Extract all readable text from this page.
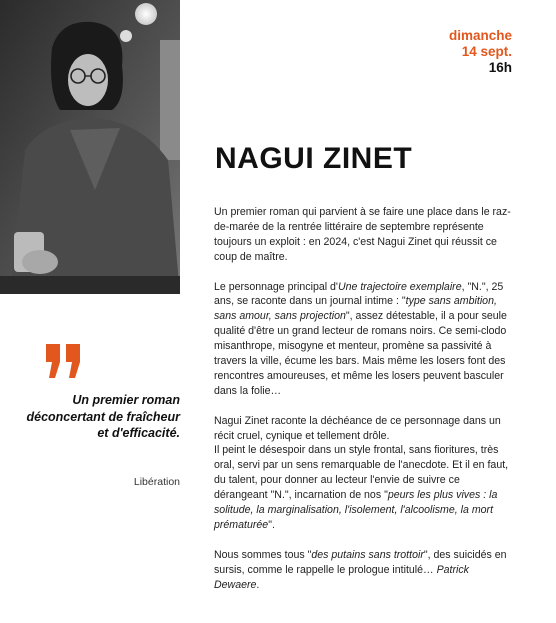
dimanche
14 sept.
16h
NAGUI ZINET
Un premier roman déconcertant de fraîcheur et d'efficacité.
Libération

Un premier roman qui parvient à se faire une place dans le raz-de-marée de la rentrée littéraire de septembre représente toujours un exploit : en 2024, c'est Nagui Zinet qui réussit ce coup de maître.

Le personnage principal d'Une trajectoire exemplaire, "N.", 25 ans, se raconte dans un journal intime : "type sans ambition, sans amour, sans projection", assez détestable, il a pour seule qualité d'être un grand lecteur de romans noirs. Ce semi-clodo misanthrope, misogyne et menteur, promène sa passivité à travers la ville, écume les bars. Mais même les losers font des rencontres amoureuses, et même les losers peuvent basculer dans la folie…

Nagui Zinet raconte la déchéance de ce personnage dans un récit cruel, cynique et tellement drôle.
Il peint le désespoir dans un style frontal, sans fioritures, très oral, servi par un sens remarquable de l'anecdote. Et il en faut, du talent, pour donner au lecteur l'envie de suivre ce dérangeant "N.", incarnation de nos "peurs les plus vives : la solitude, la marginalisation, l'isolement, l'alcoolisme, la mort prématurée".

Nous sommes tous "des putains sans trottoir", des suicidés en sursis, comme le rappelle le prologue intitulé… Patrick Dewaere.
